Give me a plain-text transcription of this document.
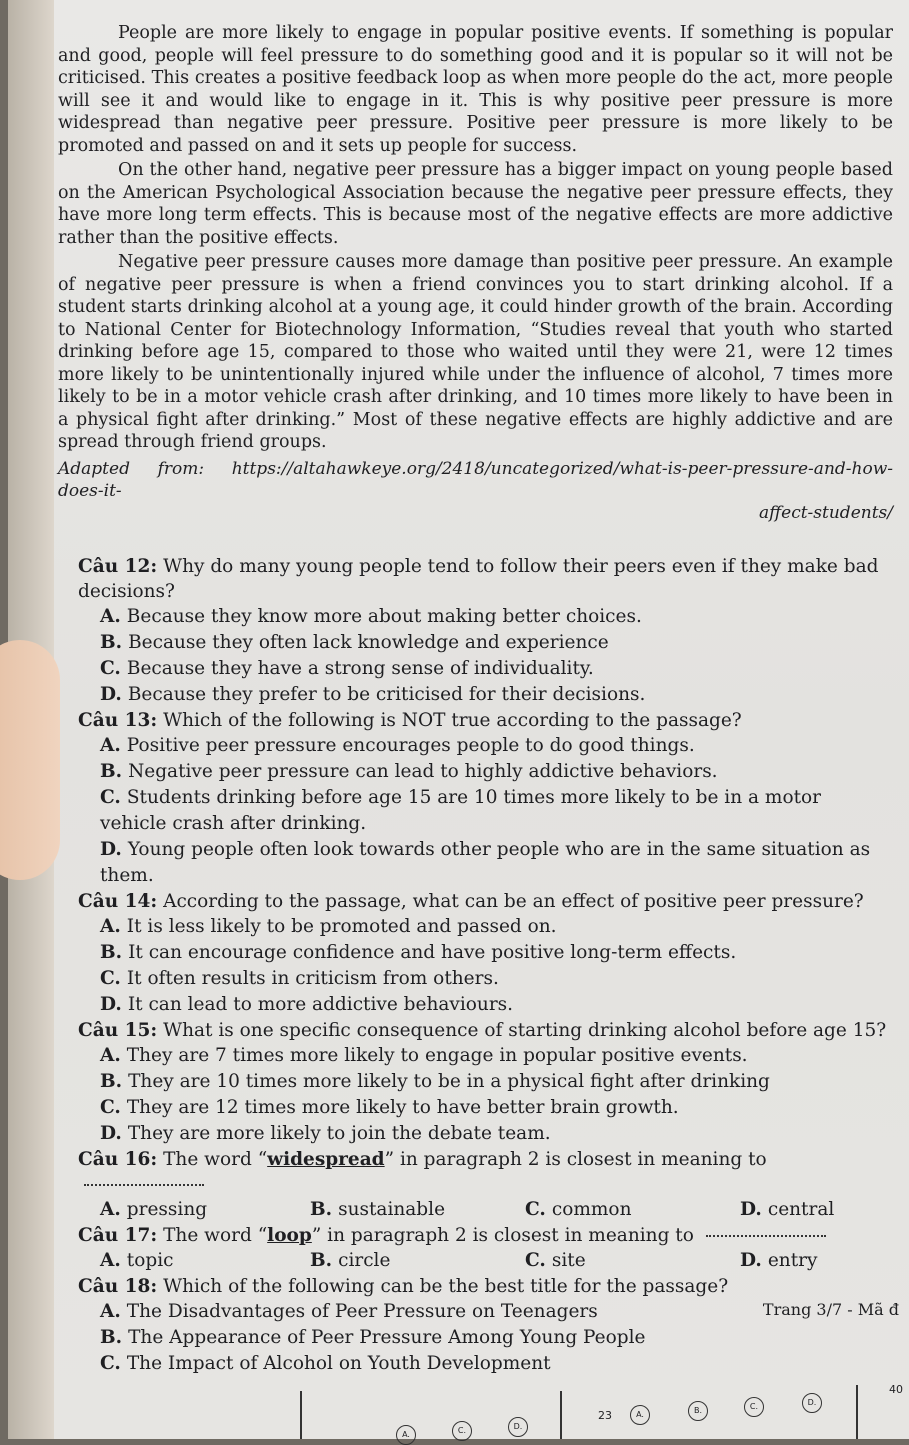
People are more likely to engage in popular positive events. If something is popular and good, people will feel pressure to do something good and it is popular so it will not be criticised. This creates a positive feedback loop as when more people do the act, more people will see it and would like to engage in it. This is why positive peer pressure is more widespread than negative peer pressure. Positive peer pressure is more likely to be promoted and passed on and it sets up people for success.

On the other hand, negative peer pressure has a bigger impact on young people based on the American Psychological Association because the negative peer pressure effects, they have more long term effects. This is because most of the negative effects are more addictive rather than the positive effects.

Negative peer pressure causes more damage than positive peer pressure. An example of negative peer pressure is when a friend convinces you to start drinking alcohol. If a student starts drinking alcohol at a young age, it could hinder growth of the brain. According to National Center for Biotechnology Information, “Studies reveal that youth who started drinking before age 15, compared to those who waited until they were 21, were 12 times more likely to be unintentionally injured while under the influence of alcohol, 7 times more likely to be in a motor vehicle crash after drinking, and 10 times more likely to have been in a physical fight after drinking.” Most of these negative effects are highly addictive and are spread through friend groups.

Adapted from: https://altahawkeye.org/2418/uncategorized/what-is-peer-pressure-and-how-does-it-
affect-students/
Câu 12: Why do many young people tend to follow their peers even if they make bad decisions?
A. Because they know more about making better choices.
B. Because they often lack knowledge and experience
C. Because they have a strong sense of individuality.
D. Because they prefer to be criticised for their decisions.
Câu 13: Which of the following is NOT true according to the passage?
A. Positive peer pressure encourages people to do good things.
B. Negative peer pressure can lead to highly addictive behaviors.
C. Students drinking before age 15 are 10 times more likely to be in a motor vehicle crash after drinking.
D. Young people often look towards other people who are in the same situation as them.
Câu 14: According to the passage, what can be an effect of positive peer pressure?
A. It is less likely to be promoted and passed on.
B. It can encourage confidence and have positive long-term effects.
C. It often results in criticism from others.
D. It can lead to more addictive behaviours.
Câu 15: What is one specific consequence of starting drinking alcohol before age 15?
A. They are 7 times more likely to engage in popular positive events.
B. They are 10 times more likely to be in a physical fight after drinking
C. They are 12 times more likely to have better brain growth.
D. They are more likely to join the debate team.
Câu 16: The word “widespread” in paragraph 2 is closest in meaning to
A. pressing	B. sustainable	C. common	D. central
Câu 17: The word “loop” in paragraph 2 is closest in meaning to
A. topic	B. circle	C. site	D. entry
Câu 18: Which of the following can be the best title for the passage?
A. The Disadvantages of Peer Pressure on Teenagers
B. The Appearance of Peer Pressure Among Young People
C. The Impact of Alcohol on Youth Development
Trang 3/7 - Mã đ
23	A.	B.	C.	D.
A.	C.	D.
40
